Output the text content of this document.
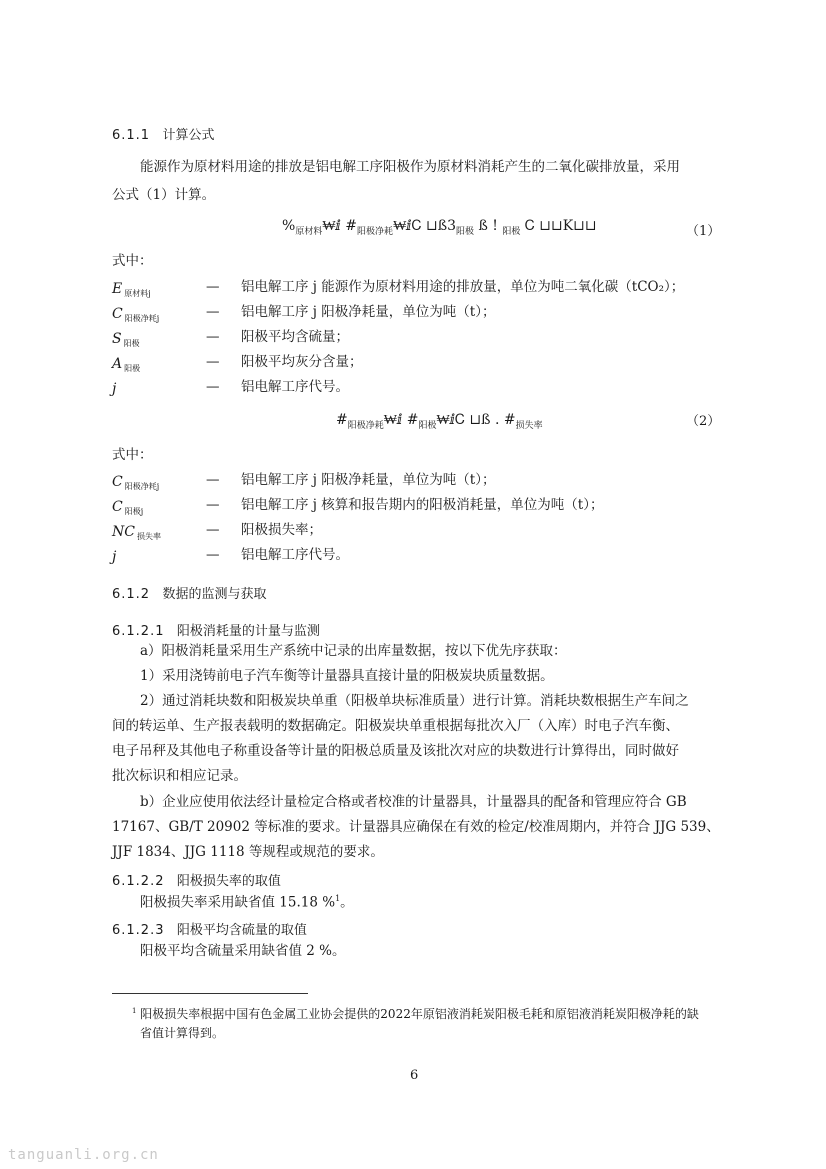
6.1.1 计算公式
能源作为原材料用途的排放是铝电解工序阳极作为原材料消耗产生的二氧化碳排放量，采用
公式（1）计算。
$\%_{原材料}₩ⅈ$ $\#_{阳极净耗}₩ⅈᏟ$ $⊔ß3_{阳极}$ ß ! $_{阳极}$ Ꮯ ⊔⊔K⊔⊔	（1）
式中：
E $_{原材料j}$	— 铝电解工序 j 能源作为原材料用途的排放量，单位为吨二氧化碳（tCO₂）；
C $_{阳极净耗j}$	— 铝电解工序 j 阳极净耗量，单位为吨（t）；
S $_{阳极}$	— 阳极平均含硫量；
A $_{阳极}$	— 阳极平均灰分含量；
j	— 铝电解工序代号。
$\#_{阳极净耗}₩ⅈ$ $\#_{阳极}₩ⅈᏟ$ ⊔ß . $\#_{损失率}$	（2）
式中：
C $_{阳极净耗j}$	— 铝电解工序 j 阳极净耗量，单位为吨（t）；
C $_{阳极j}$	— 铝电解工序 j 核算和报告期内的阳极消耗量，单位为吨（t）；
NC $_{损失率}$	— 阳极损失率；
j	— 铝电解工序代号。
6.1.2 数据的监测与获取
6.1.2.1 阳极消耗量的计量与监测
a）阳极消耗量采用生产系统中记录的出库量数据，按以下优先序获取：
1）采用浇铸前电子汽车衡等计量器具直接计量的阳极炭块质量数据。
2）通过消耗块数和阳极炭块单重（阳极单块标准质量）进行计算。消耗块数根据生产车间之
间的转运单、生产报表载明的数据确定。阳极炭块单重根据每批次入厂（入库）时电子汽车衡、
电子吊秤及其他电子称重设备等计量的阳极总质量及该批次对应的块数进行计算得出，同时做好
批次标识和相应记录。
b）企业应使用依法经计量检定合格或者校准的计量器具，计量器具的配备和管理应符合 GB
17167、GB/T 20902 等标准的要求。计量器具应确保在有效的检定/校准周期内，并符合 JJG 539、
JJF 1834、JJG 1118 等规程或规范的要求。
6.1.2.2 阳极损失率的取值
阳极损失率采用缺省值 15.18 %$^1$。
6.1.2.3 阳极平均含硫量的取值
阳极平均含硫量采用缺省值 2 %。
$^1$ 阳极损失率根据中国有色金属工业协会提供的2022年原铝液消耗炭阳极毛耗和原铝液消耗炭阳极净耗的缺
省值计算得到。
6
tanguanli.org.cn
